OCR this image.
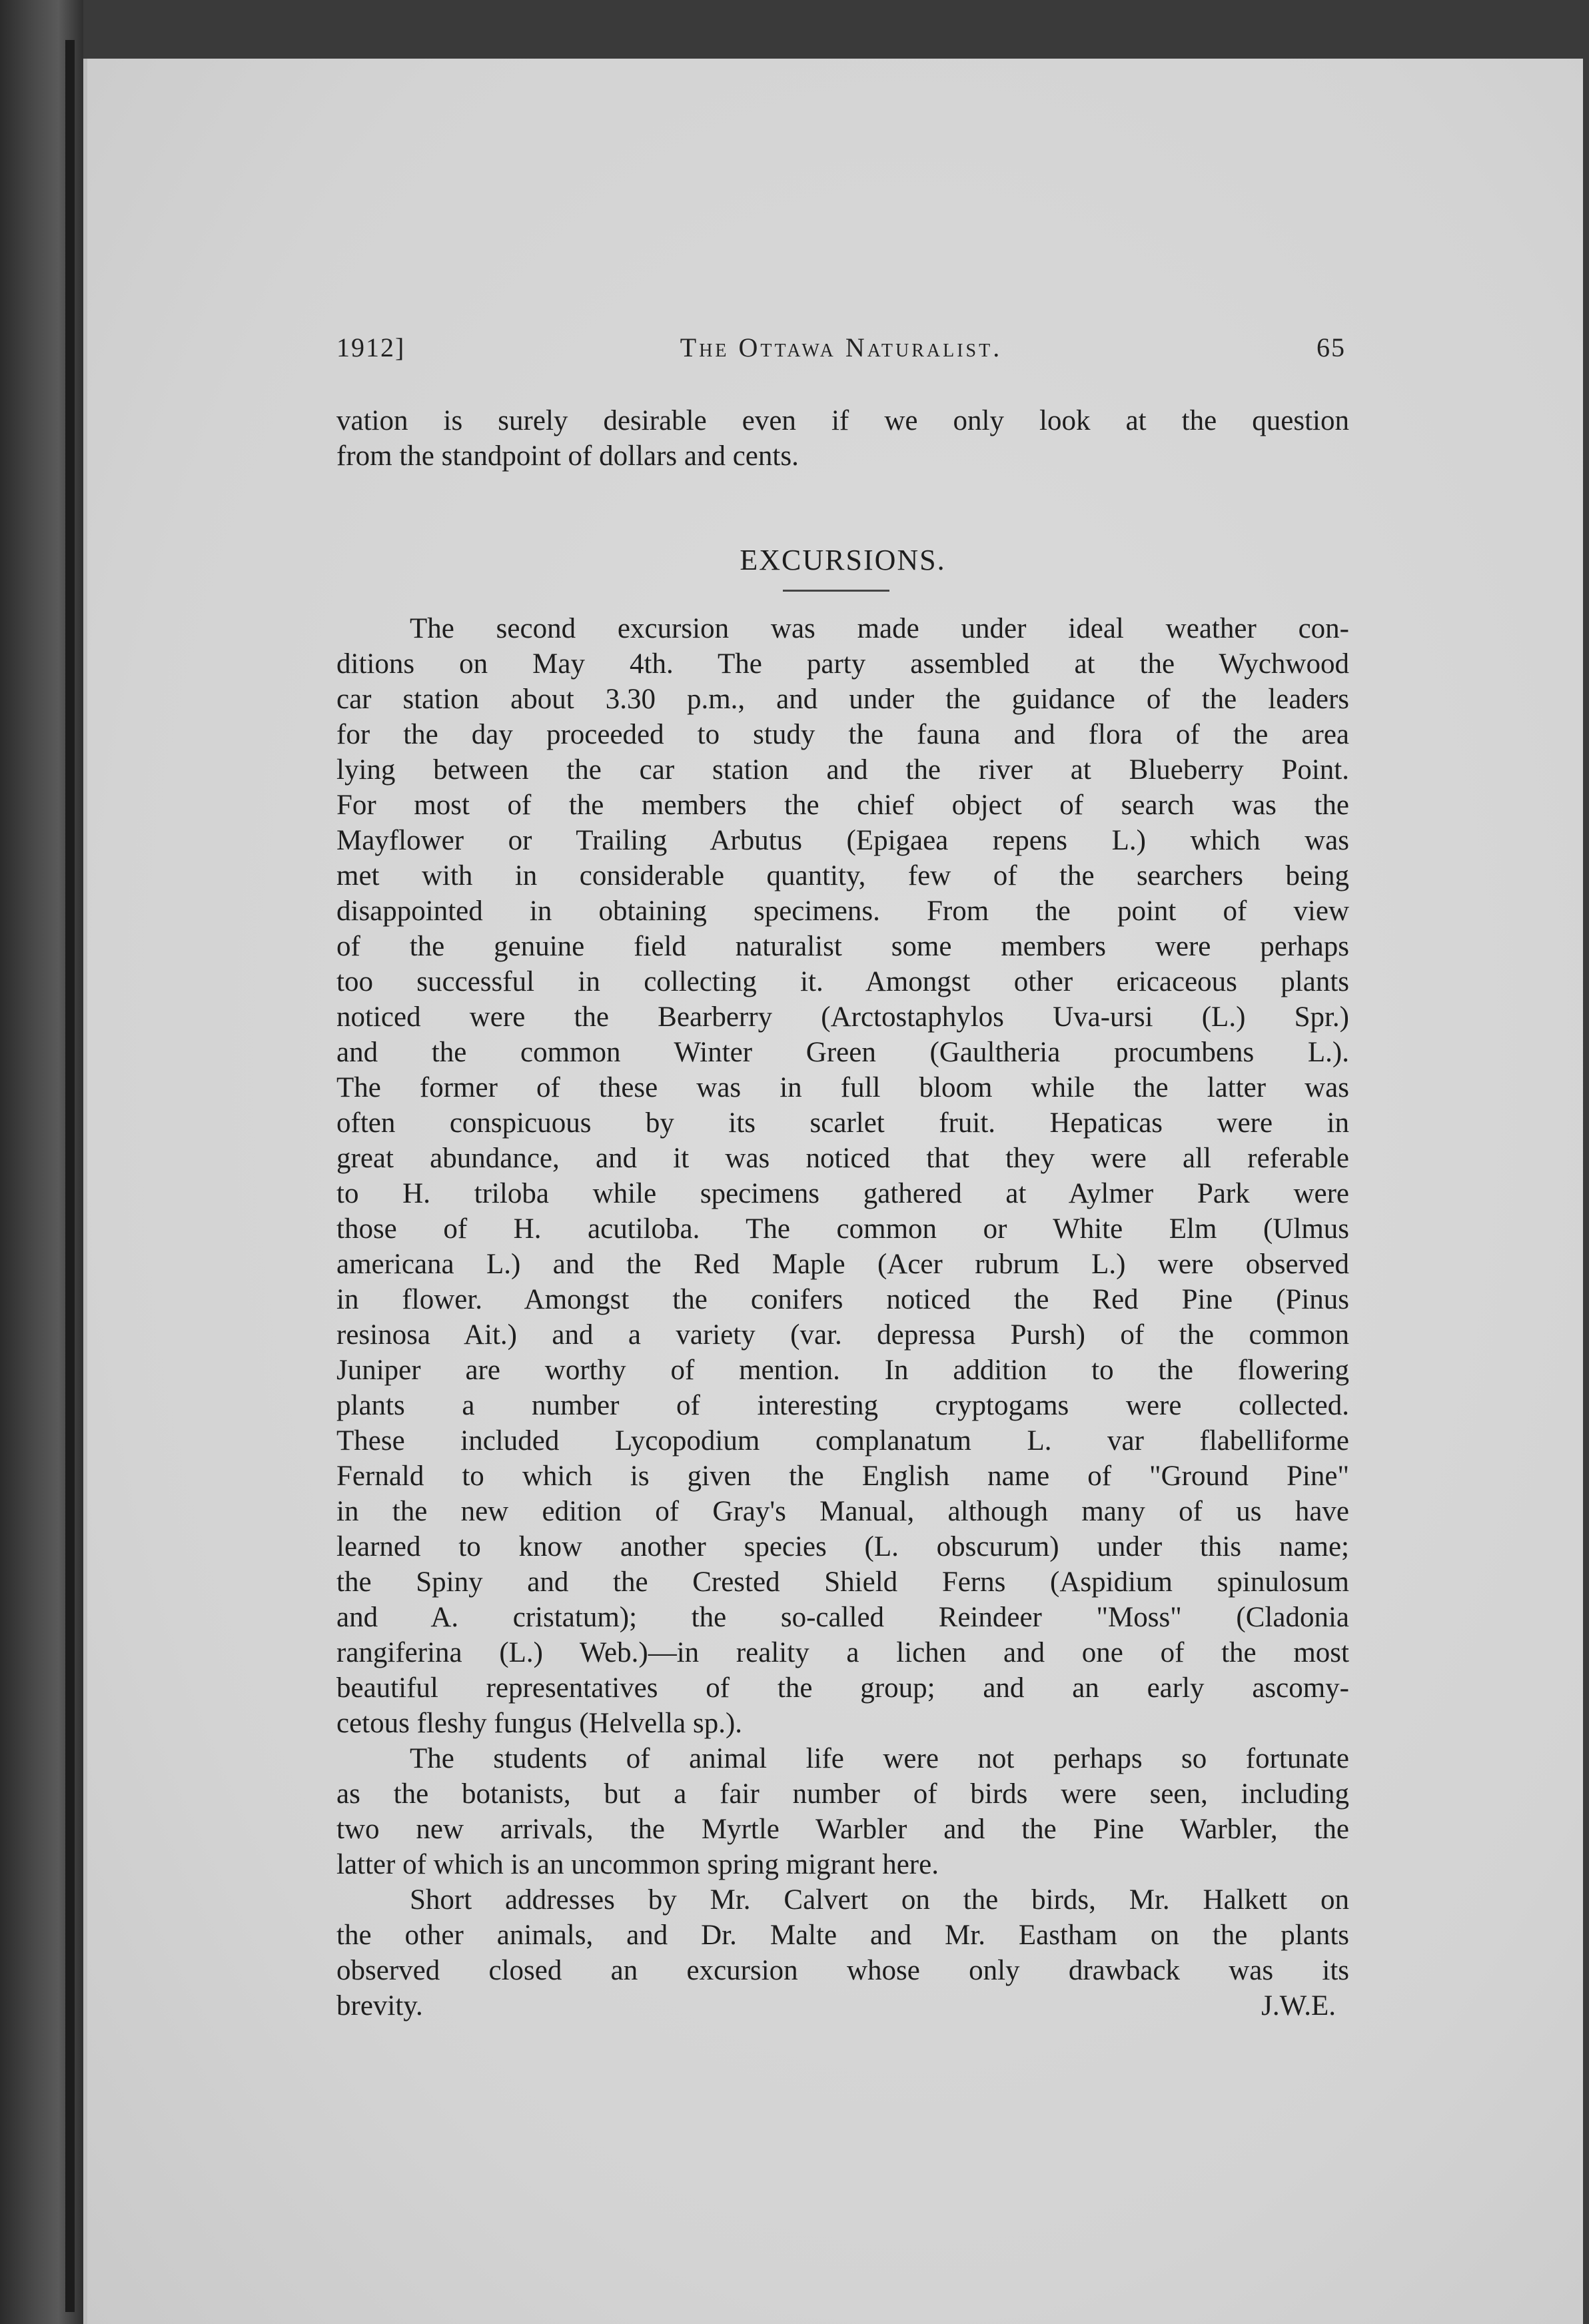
1912]	The Ottawa Naturalist.	65
vation is surely desirable even if we only look at the question
from the standpoint of dollars and cents.
EXCURSIONS.
The second excursion was made under ideal weather con-
ditions on May 4th. The party assembled at the Wychwood
car station about 3.30 p.m., and under the guidance of the leaders
for the day proceeded to study the fauna and flora of the area
lying between the car station and the river at Blueberry Point.
For most of the members the chief object of search was the
Mayflower or Trailing Arbutus (Epigaea repens L.) which was
met with in considerable quantity, few of the searchers being
disappointed in obtaining specimens. From the point of view
of the genuine field naturalist some members were perhaps
too successful in collecting it. Amongst other ericaceous plants
noticed were the Bearberry (Arctostaphylos Uva-ursi (L.) Spr.)
and the common Winter Green (Gaultheria procumbens L.).
The former of these was in full bloom while the latter was
often conspicuous by its scarlet fruit. Hepaticas were in
great abundance, and it was noticed that they were all referable
to H. triloba while specimens gathered at Aylmer Park were
those of H. acutiloba. The common or White Elm (Ulmus
americana L.) and the Red Maple (Acer rubrum L.) were observed
in flower. Amongst the conifers noticed the Red Pine (Pinus
resinosa Ait.) and a variety (var. depressa Pursh) of the common
Juniper are worthy of mention. In addition to the flowering
plants a number of interesting cryptogams were collected.
These included Lycopodium complanatum L. var flabelliforme
Fernald to which is given the English name of "Ground Pine"
in the new edition of Gray's Manual, although many of us have
learned to know another species (L. obscurum) under this name;
the Spiny and the Crested Shield Ferns (Aspidium spinulosum
and A. cristatum); the so-called Reindeer "Moss" (Cladonia
rangiferina (L.) Web.)—in reality a lichen and one of the most
beautiful representatives of the group; and an early ascomy-
cetous fleshy fungus (Helvella sp.).
The students of animal life were not perhaps so fortunate
as the botanists, but a fair number of birds were seen, including
two new arrivals, the Myrtle Warbler and the Pine Warbler, the
latter of which is an uncommon spring migrant here.
Short addresses by Mr. Calvert on the birds, Mr. Halkett on
the other animals, and Dr. Malte and Mr. Eastham on the plants
observed closed an excursion whose only drawback was its
brevity.	J.W.E.
